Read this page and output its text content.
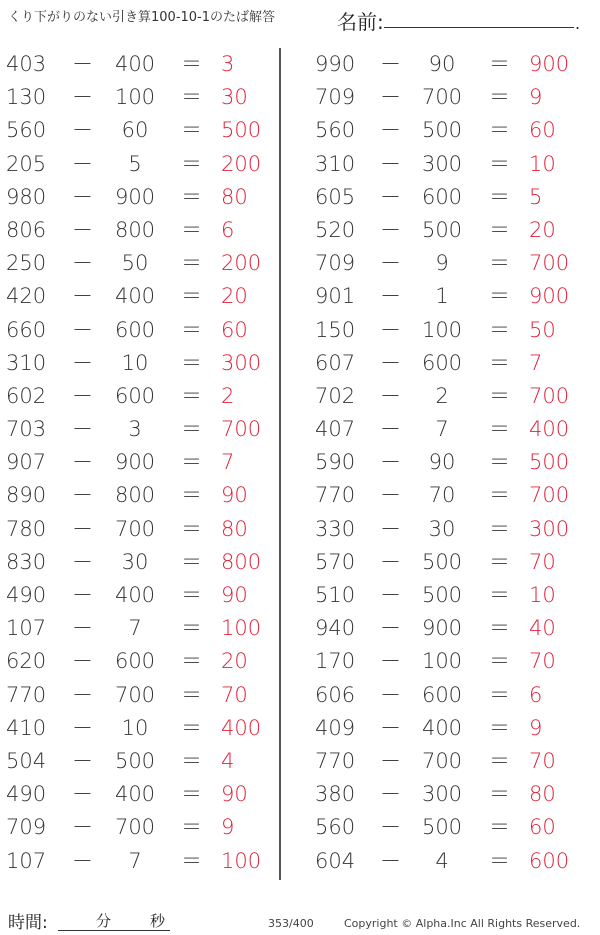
くり下がりのない引き算100-10-1のたば解答	名前:	.
403 －	400	＝ 3
130 －	100	＝ 30
560 －	60	＝ 500
205 －	5	＝ 200
980 －	900	＝ 80
806 －	800	＝ 6
250 －	50	＝ 200
420 －	400	＝ 20
660 －	600	＝ 60
310 －	10	＝ 300
602 －	600	＝ 2
703 －	3	＝ 700
907 －	900	＝ 7
890 －	800	＝ 90
780 －	700	＝ 80
830 －	30	＝ 800
490 －	400	＝ 90
107 －	7	＝ 100
620 －	600	＝ 20
770 －	700	＝ 70
410 －	10	＝ 400
504 －	500	＝ 4
490 －	400	＝ 90
709 －	700	＝ 9
107 －	7	＝ 100
990 －	90	＝ 900
709 － 700	＝ 9
560 － 500	＝ 60
310 － 300	＝ 10
605 － 600	＝ 5
520 － 500	＝ 20
709 －	9	＝ 700
901 －	1	＝ 900
150 － 100	＝ 50
607 － 600	＝ 7
702 －	2	＝ 700
407 －	7	＝ 400
590 －	90	＝ 500
770 －	70	＝ 700
330 －	30	＝ 300
570 － 500	＝ 70
510 － 500	＝ 10
940 － 900	＝ 40
170 － 100	＝ 70
606 － 600	＝ 6
409 － 400	＝ 9
770 － 700	＝ 70
380 － 300	＝ 80
560 － 500	＝ 60
604 －	4	＝ 600
時間:	分	秒	353/400	Copyright © Alpha.Inc All Rights Reserved.
